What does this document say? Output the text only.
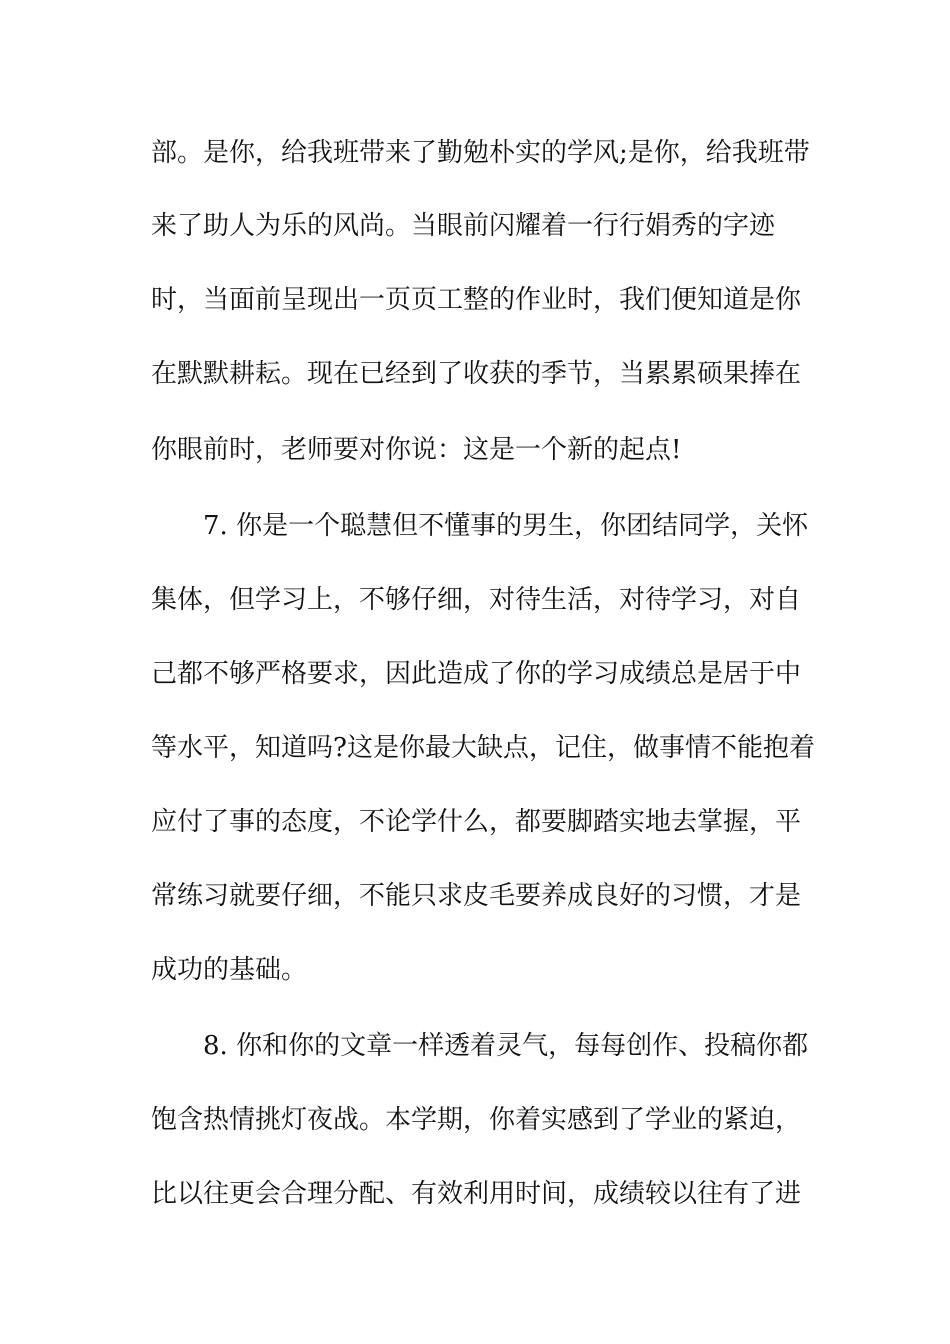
部。是你，给我班带来了勤勉朴实的学风;是你，给我班带
来了助人为乐的风尚。当眼前闪耀着一行行娟秀的字迹
时，当面前呈现出一页页工整的作业时，我们便知道是你
在默默耕耘。现在已经到了收获的季节，当累累硕果捧在
你眼前时，老师要对你说：这是一个新的起点!
7. 你是一个聪慧但不懂事的男生，你团结同学，关怀
集体，但学习上，不够仔细，对待生活，对待学习，对自
己都不够严格要求，因此造成了你的学习成绩总是居于中
等水平，知道吗?这是你最大缺点，记住，做事情不能抱着
应付了事的态度，不论学什么，都要脚踏实地去掌握，平
常练习就要仔细，不能只求皮毛要养成良好的习惯，才是
成功的基础。
8. 你和你的文章一样透着灵气，每每创作、投稿你都
饱含热情挑灯夜战。本学期，你着实感到了学业的紧迫，
比以往更会合理分配、有效利用时间，成绩较以往有了进
